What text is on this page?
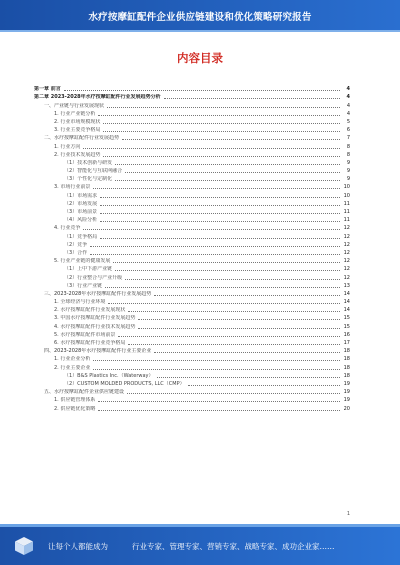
水疗按摩缸配件企业供应链建设和优化策略研究报告
内容目录
第一章 前言	4
第二章 2023-2028年水疗按摩缸配件行业发展趋势分析	4
一、产业链与行业发展现状	4
1. 行业产业链分析	4
2. 行业市场规模现状	5
3. 行业主要竞争格局	6
二、水疗按摩缸配件行业发展趋势	7
1. 行业方向	8
2. 行业技术发展趋势	8
（1）技术创新与研发	9
（2）智能化与互联网融合	9
（3）个性化与定制化	9
3. 市场行业前景	10
（1）市场需求	10
（2）市场发展	11
（3）市场前景	11
（4）风险分析	11
4. 行业竞争	12
（1）竞争格局	12
（2）竞争	12
（3）合作	12
5. 行业产业链的健康发展	12
（1）上中下游产业链	12
（2）行业整合与产业升级	12
（3）行业产业链	13
三、2023-2028年水疗按摩缸配件行业发展趋势	14
1. 全球经济与行业环境	14
2. 水疗按摩缸配件行业发展现状	14
3. 中国水疗按摩缸配件行业发展趋势	15
4. 水疗按摩缸配件行业技术发展趋势	15
5. 水疗按摩缸配件市场前景	16
6. 水疗按摩缸配件行业竞争格局	17
四、2023-2028年水疗按摩缸配件行业主要企业	18
1. 行业企业分析	18
2. 行业主要企业	18
（1）B&S Plastics Inc.（Waterway）	18
（2）CUSTOM MOLDED PRODUCTS, LLC（CMP）	19
五、水疗按摩缸配件企业供应链建设	19
1. 供应链管理体系	19
2. 供应链优化策略	20
1
让每个人都能成为	行业专家、管理专家、营销专家、战略专家、成功企业家……
